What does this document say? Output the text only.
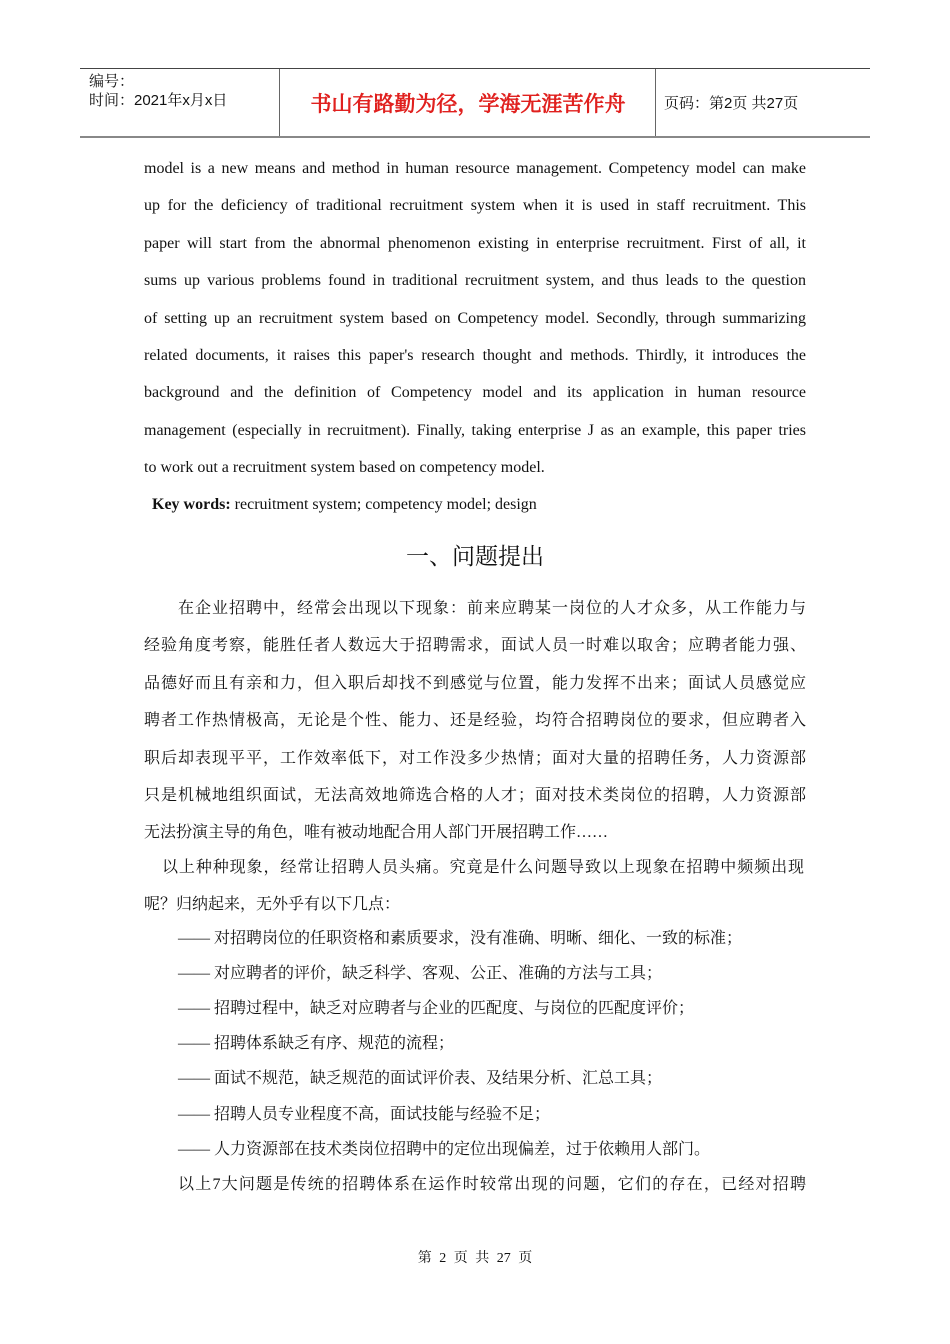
编号：
时间：2021年x月x日	书山有路勤为径，学海无涯苦作舟	页码：第2页 共27页
model is a new means and method in human resource management. Competency model can make
up for the deficiency of traditional recruitment system when it is used in staff recruitment. This
paper will start from the abnormal phenomenon existing in enterprise recruitment. First of all, it
sums up various problems found in traditional recruitment system, and thus leads to the question
of setting up an recruitment system based on Competency model. Secondly, through summarizing
related documents, it raises this paper's research thought and methods. Thirdly, it introduces the
background and the definition of Competency model and its application in human resource
management (especially in recruitment). Finally, taking enterprise J as an example, this paper tries
to work out a recruitment system based on competency model.
Key words: recruitment system; competency model; design
一、问题提出
在企业招聘中，经常会出现以下现象：前来应聘某一岗位的人才众多，从工作能力与
经验角度考察，能胜任者人数远大于招聘需求，面试人员一时难以取舍；应聘者能力强、
品德好而且有亲和力，但入职后却找不到感觉与位置，能力发挥不出来；面试人员感觉应
聘者工作热情极高，无论是个性、能力、还是经验，均符合招聘岗位的要求，但应聘者入
职后却表现平平，工作效率低下，对工作没多少热情；面对大量的招聘任务，人力资源部
只是机械地组织面试，无法高效地筛选合格的人才；面对技术类岗位的招聘，人力资源部
无法扮演主导的角色，唯有被动地配合用人部门开展招聘工作……
以上种种现象，经常让招聘人员头痛。究竟是什么问题导致以上现象在招聘中频频出现
呢？归纳起来，无外乎有以下几点：
—— 对招聘岗位的任职资格和素质要求，没有准确、明晰、细化、一致的标准；
—— 对应聘者的评价，缺乏科学、客观、公正、准确的方法与工具；
—— 招聘过程中，缺乏对应聘者与企业的匹配度、与岗位的匹配度评价；
—— 招聘体系缺乏有序、规范的流程；
—— 面试不规范，缺乏规范的面试评价表、及结果分析、汇总工具；
—— 招聘人员专业程度不高，面试技能与经验不足；
—— 人力资源部在技术类岗位招聘中的定位出现偏差，过于依赖用人部门。
以上7大问题是传统的招聘体系在运作时较常出现的问题，它们的存在，已经对招聘
第 2 页 共 27 页
